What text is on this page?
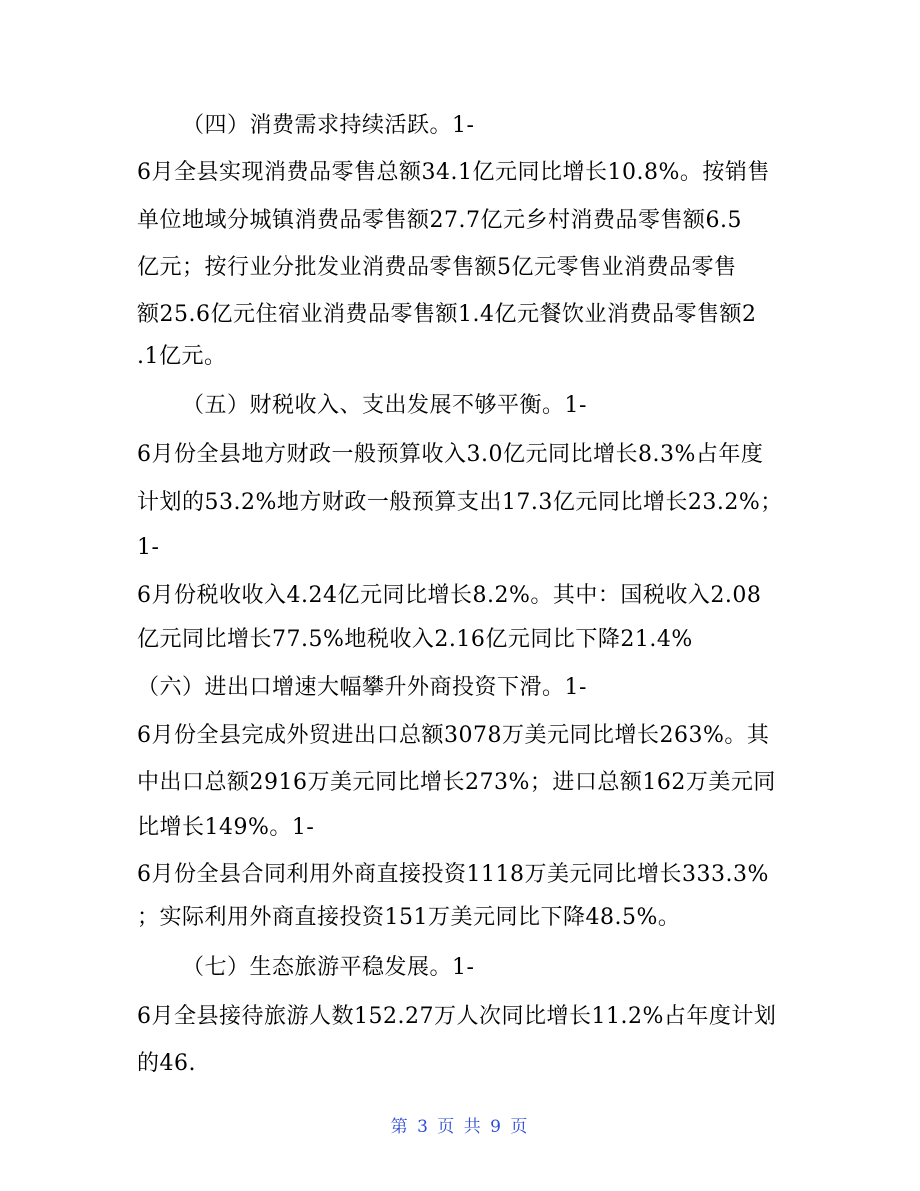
（四）消费需求持续活跃。1-
6月全县实现消费品零售总额34.1亿元同比增长10.8%。按销售
单位地域分城镇消费品零售额27.7亿元乡村消费品零售额6.5
亿元；按行业分批发业消费品零售额5亿元零售业消费品零售
额25.6亿元住宿业消费品零售额1.4亿元餐饮业消费品零售额2
.1亿元。
（五）财税收入、支出发展不够平衡。1-
6月份全县地方财政一般预算收入3.0亿元同比增长8.3%占年度
计划的53.2%地方财政一般预算支出17.3亿元同比增长23.2%；
1-
6月份税收收入4.24亿元同比增长8.2%。其中：国税收入2.08
亿元同比增长77.5%地税收入2.16亿元同比下降21.4%
（六）进出口增速大幅攀升外商投资下滑。1-
6月份全县完成外贸进出口总额3078万美元同比增长263%。其
中出口总额2916万美元同比增长273%；进口总额162万美元同
比增长149%。1-
6月份全县合同利用外商直接投资1118万美元同比增长333.3%
；实际利用外商直接投资151万美元同比下降48.5%。
（七）生态旅游平稳发展。1-
6月全县接待旅游人数152.27万人次同比增长11.2%占年度计划
的46.
第 3 页 共 9 页
